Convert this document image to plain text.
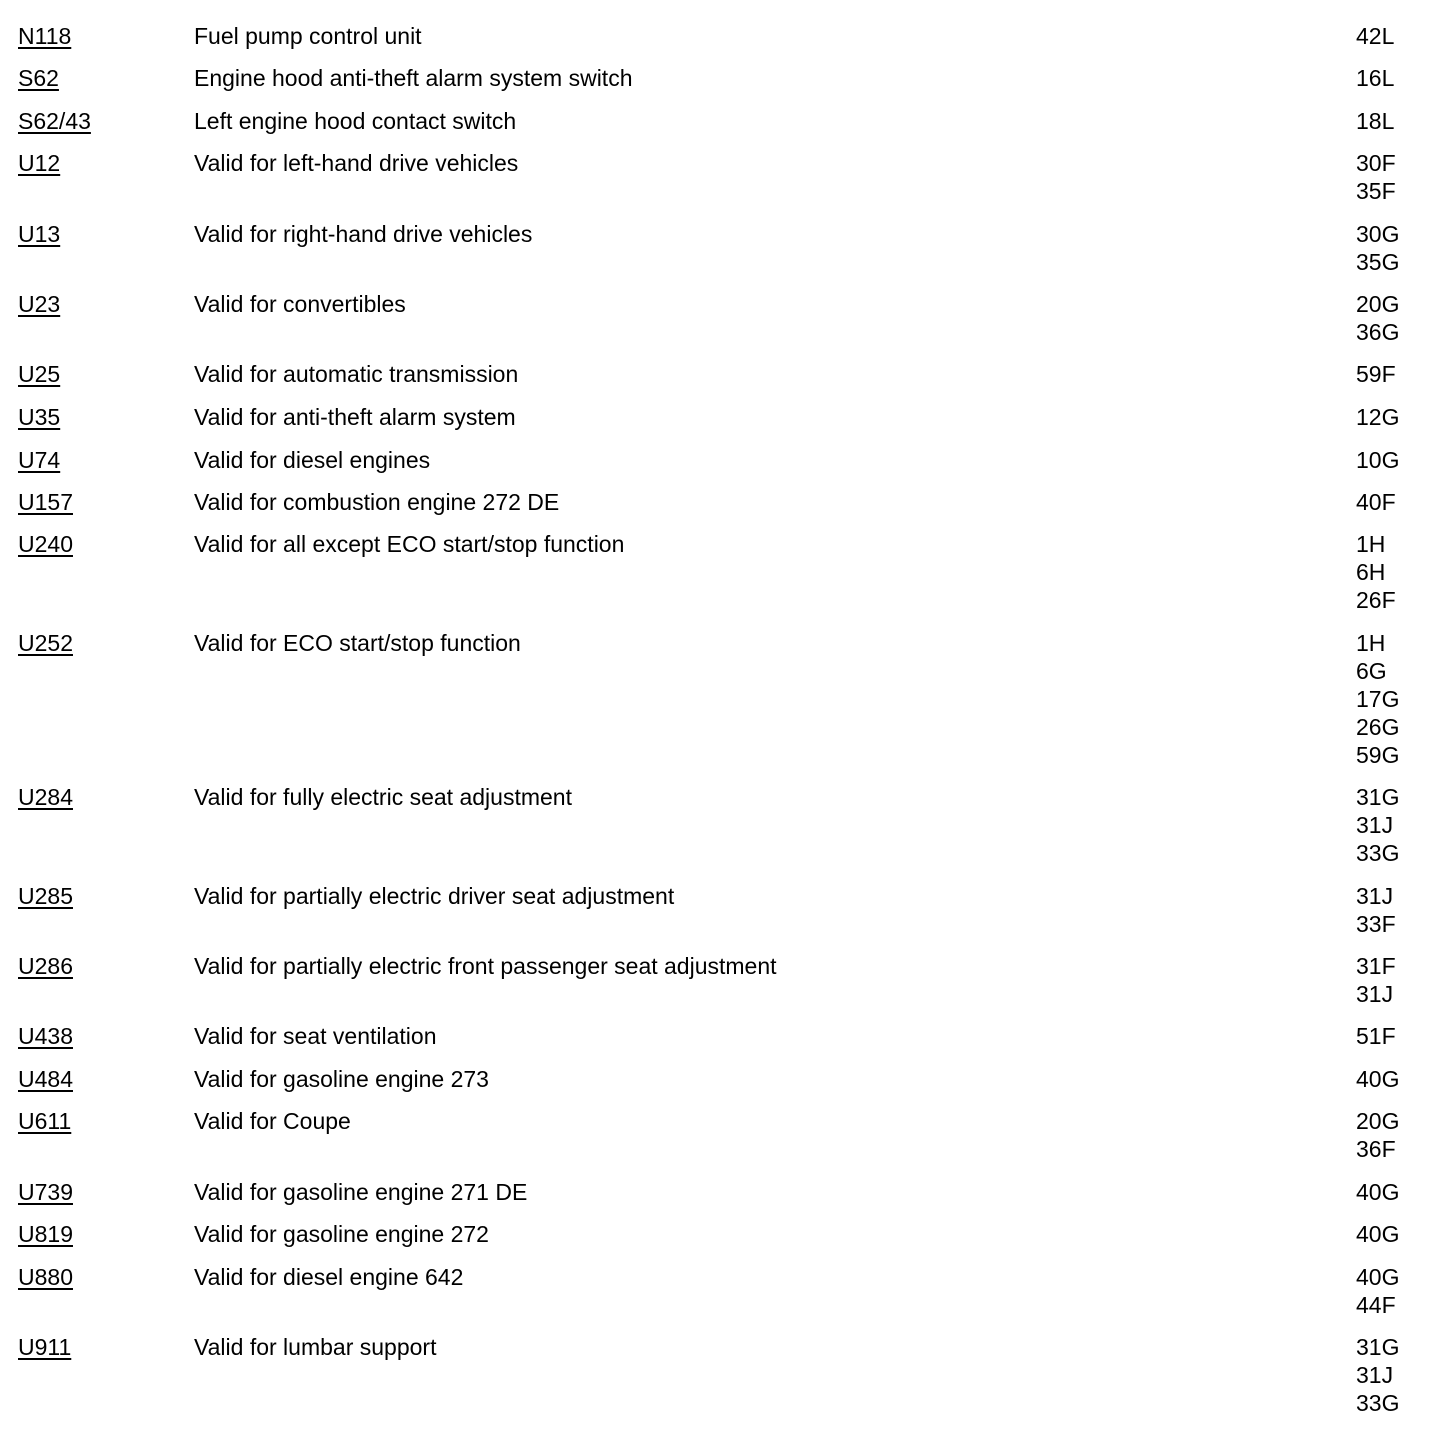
N118	Fuel pump control unit	42L
S62	Engine hood anti-theft alarm system switch	16L
S62/43	Left engine hood contact switch	18L
U12	Valid for left-hand drive vehicles	30F
35F
U13	Valid for right-hand drive vehicles	30G
35G
U23	Valid for convertibles	20G
36G
U25	Valid for automatic transmission	59F
U35	Valid for anti-theft alarm system	12G
U74	Valid for diesel engines	10G
U157	Valid for combustion engine 272 DE	40F
U240	Valid for all except ECO start/stop function	1H
6H
26F
U252	Valid for ECO start/stop function	1H
6G
17G
26G
59G
U284	Valid for fully electric seat adjustment	31G
31J
33G
U285	Valid for partially electric driver seat adjustment	31J
33F
U286	Valid for partially electric front passenger seat adjustment	31F
31J
U438	Valid for seat ventilation	51F
U484	Valid for gasoline engine 273	40G
U611	Valid for Coupe	20G
36F
U739	Valid for gasoline engine 271 DE	40G
U819	Valid for gasoline engine 272	40G
U880	Valid for diesel engine 642	40G
44F
U911	Valid for lumbar support	31G
31J
33G
